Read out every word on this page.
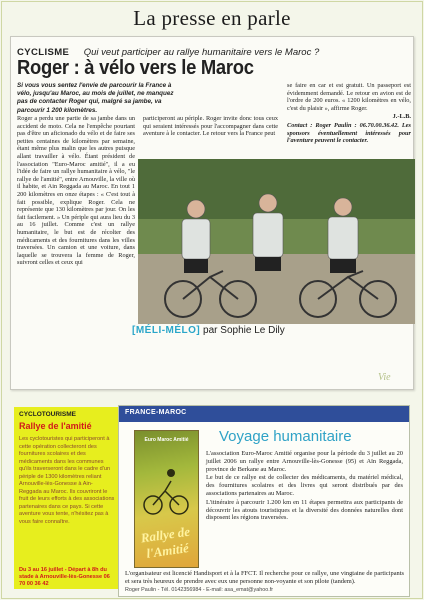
La presse en parle
CYCLISME Qui veut participer au rallye humanitaire vers le Maroc ?
Roger : à vélo vers le Maroc
Si vous vous sentez l'envie de parcourir la France à vélo, jusqu'au Maroc, au mois de juillet, ne manquez pas de contacter Roger qui, malgré sa jambe, va parcourir 1 200 kilomètres.

Roger a perdu une partie de sa jambe dans un accident de moto. Cela ne l'empêche pourtant pas d'être un aficionado du vélo et de faire ses petites centaines de kilomètres par semaine, étant même plus malin que les autres puisque allant travailler à vélo. Étant président de l'association "Euro-Maroc amitié", il a eu l'idée de faire un rallye humanitaire à vélo, "le rallye de l'amitié", entre Arnouville, la ville où il habite, et Ain Reggada au Maroc. En tout 1 200 kilomètres en onze étapes : « C'est tout à fait possible, explique Roger. Cela ne représente que 130 kilomètres par jour. On les fait facilement. » Un périple qui aura lieu du 3 au 16 juillet. Comme c'est un rallye humanitaire, le but est de récolter des médicaments et des fournitures dans les villes traversées. Un camion et une voiture, dans laquelle se trouvera la femme de Roger, suivront celles et ceux qui

participeront au périple. Roger invite donc tous ceux qui seraient intéressés pour l'accompagner dans cette aventure à le contacter. Le retour vers la France peut

se faire en car et est gratuit. Un passeport est évidemment demandé. Le retour en avion est de l'ordre de 200 euros. « 1200 kilomètres en vélo, c'est du plaisir », affirme Roger.

J.-L.B.

Contact : Roger Paulin : 06.70.00.36.42. Les sponsors éventuellement intéressés pour l'aventure peuvent le contacter.

[MÉLI-MÉLO] par Sophie Le Dily
Vie
CYCLOTOURISME
Rallye de l'amitié
Les cyclotouristes qui participeront à cette opération collecteront des fournitures scolaires et des médicaments dans les communes qu'ils traverseront dans le cadre d'un périple de 1300 kilomètres reliant Arnouville-lès-Gonesse à Ain-Reggada au Maroc. Ils couvriront le fruit de leurs efforts à des associations partenaires dans ce pays. Si cette aventure vous tente, n'hésitez pas à vous faire connaître.
Du 3 au 16 juillet - Départ à 8h du stade à Arnouville-lès-Gonesse 06 70 00 36 42
FRANCE-MAROC
Euro Maroc Amitié
Rallye de l'Amitié
Voyage humanitaire

L'association Euro-Maroc Amitié organise pour la période du 3 juillet au 20 juillet 2006 un rallye entre Arnouville-lès-Gonesse (95) et Aïn Reggada, province de Berkane au Maroc.

Le but de ce rallye est de collecter des médicaments, du matériel médical, des fournitures scolaires et des livres qui seront distribués par des associations partenaires au Maroc.

L'itinéraire à parcourir 1.200 km en 11 étapes permettra aux participants de découvrir les atouts touristiques et la diversité des données naturelles dont disposent les régions traversées.

L'organisateur est licencié Handisport et à la FFCT. Il recherche pour ce rallye, une vingtaine de participants et sera très heureux de prendre avec eux une personne non-voyante et son pilote (tandem).
Roger Paulin - Tél. 0142356984 - E-mail: asa_emat@yahoo.fr
